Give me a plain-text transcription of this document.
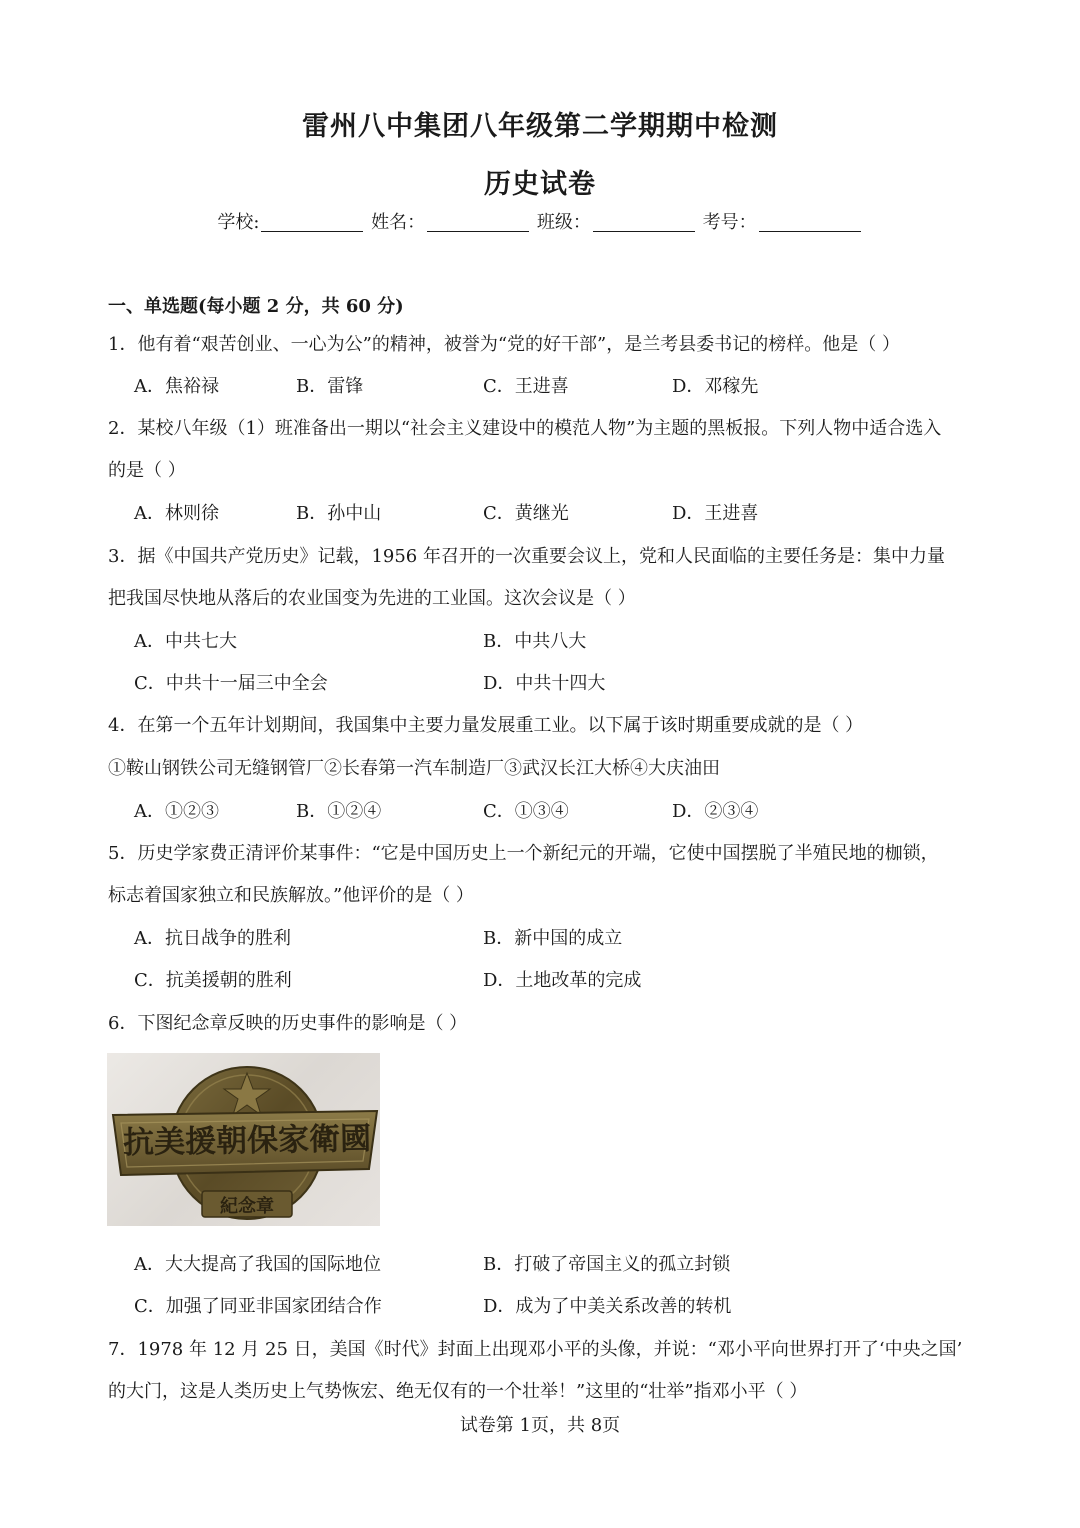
雷州八中集团八年级第二学期期中检测
历史试卷
学校:	姓名：	班级：	考号：
一、单选题(每小题 2 分，共 60 分)
1．他有着“艰苦创业、一心为公”的精神，被誉为“党的好干部”，是兰考县委书记的榜样。他是（ ）
A．焦裕禄	B．雷锋	C．王进喜	D．邓稼先
2．某校八年级（1）班准备出一期以“社会主义建设中的模范人物”为主题的黑板报。下列人物中适合选入
的是（ ）
A．林则徐	B．孙中山	C．黄继光	D．王进喜
3．据《中国共产党历史》记载，1956 年召开的一次重要会议上，党和人民面临的主要任务是：集中力量
把我国尽快地从落后的农业国变为先进的工业国。这次会议是（ ）
A．中共七大	B．中共八大
C．中共十一届三中全会	D．中共十四大
4．在第一个五年计划期间，我国集中主要力量发展重工业。以下属于该时期重要成就的是（ ）
①鞍山钢铁公司无缝钢管厂②长春第一汽车制造厂③武汉长江大桥④大庆油田
A．①②③	B．①②④	C．①③④	D．②③④
5．历史学家费正清评价某事件：“它是中国历史上一个新纪元的开端，它使中国摆脱了半殖民地的枷锁，
标志着国家独立和民族解放。”他评价的是（ ）
A．抗日战争的胜利	B．新中国的成立
C．抗美援朝的胜利	D．土地改革的完成
6．下图纪念章反映的历史事件的影响是（ ）
抗美援朝保家衛國
紀念章
A．大大提高了我国的国际地位	B．打破了帝国主义的孤立封锁
C．加强了同亚非国家团结合作	D．成为了中美关系改善的转机
7．1978 年 12 月 25 日，美国《时代》封面上出现邓小平的头像，并说：“邓小平向世界打开了‘中央之国’
的大门，这是人类历史上气势恢宏、绝无仅有的一个壮举！”这里的“壮举”指邓小平（ ）
试卷第 1页，共 8页
